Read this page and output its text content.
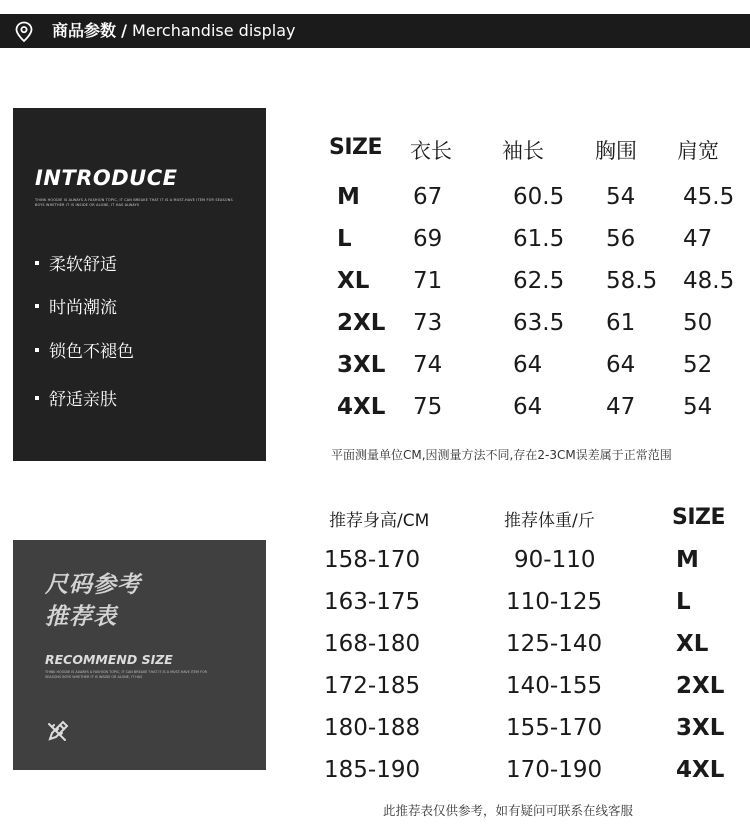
商品参数 / Merchandise display
INTRODUCE
THINK HOODIE IS ALWAYS A FASHION TOPIC, IT CAN BREAKE THAT IT IS A MUST-HAVE ITEM FOR SEASONS BOYS WHETHER IT IS INSIDE OR ALONE, IT HAS ALWAYS
柔软舒适
时尚潮流
锁色不褪色
舒适亲肤
SIZE 衣长 袖长 胸围 肩宽
M 67	60.5 54 45.5
L	69	61.5 56 47
XL 71	62.5 58.5 48.5
2XL 73	63.5 61 50
3XL 74	64	64 52
4XL 75	64	47 54
平面测量单位CM,因测量方法不同,存在2-3CM误差属于正常范围
尺码参考
推荐表
RECOMMEND SIZE
THINK HOODIE IS ALWAYS A FASHION TOPIC, IT CAN BREAKE THAT IT IS A MUST-HAVE ITEM FOR SEASONS BOYS WHETHER IT IS INSIDE OR ALONE, IT HAS
推荐身高/CM	推荐体重/斤	SIZE
158-170	90-110	M
163-175	110-125	L
168-180	125-140	XL
172-185	140-155	2XL
180-188	155-170	3XL
185-190	170-190	4XL
此推荐表仅供参考，如有疑问可联系在线客服
